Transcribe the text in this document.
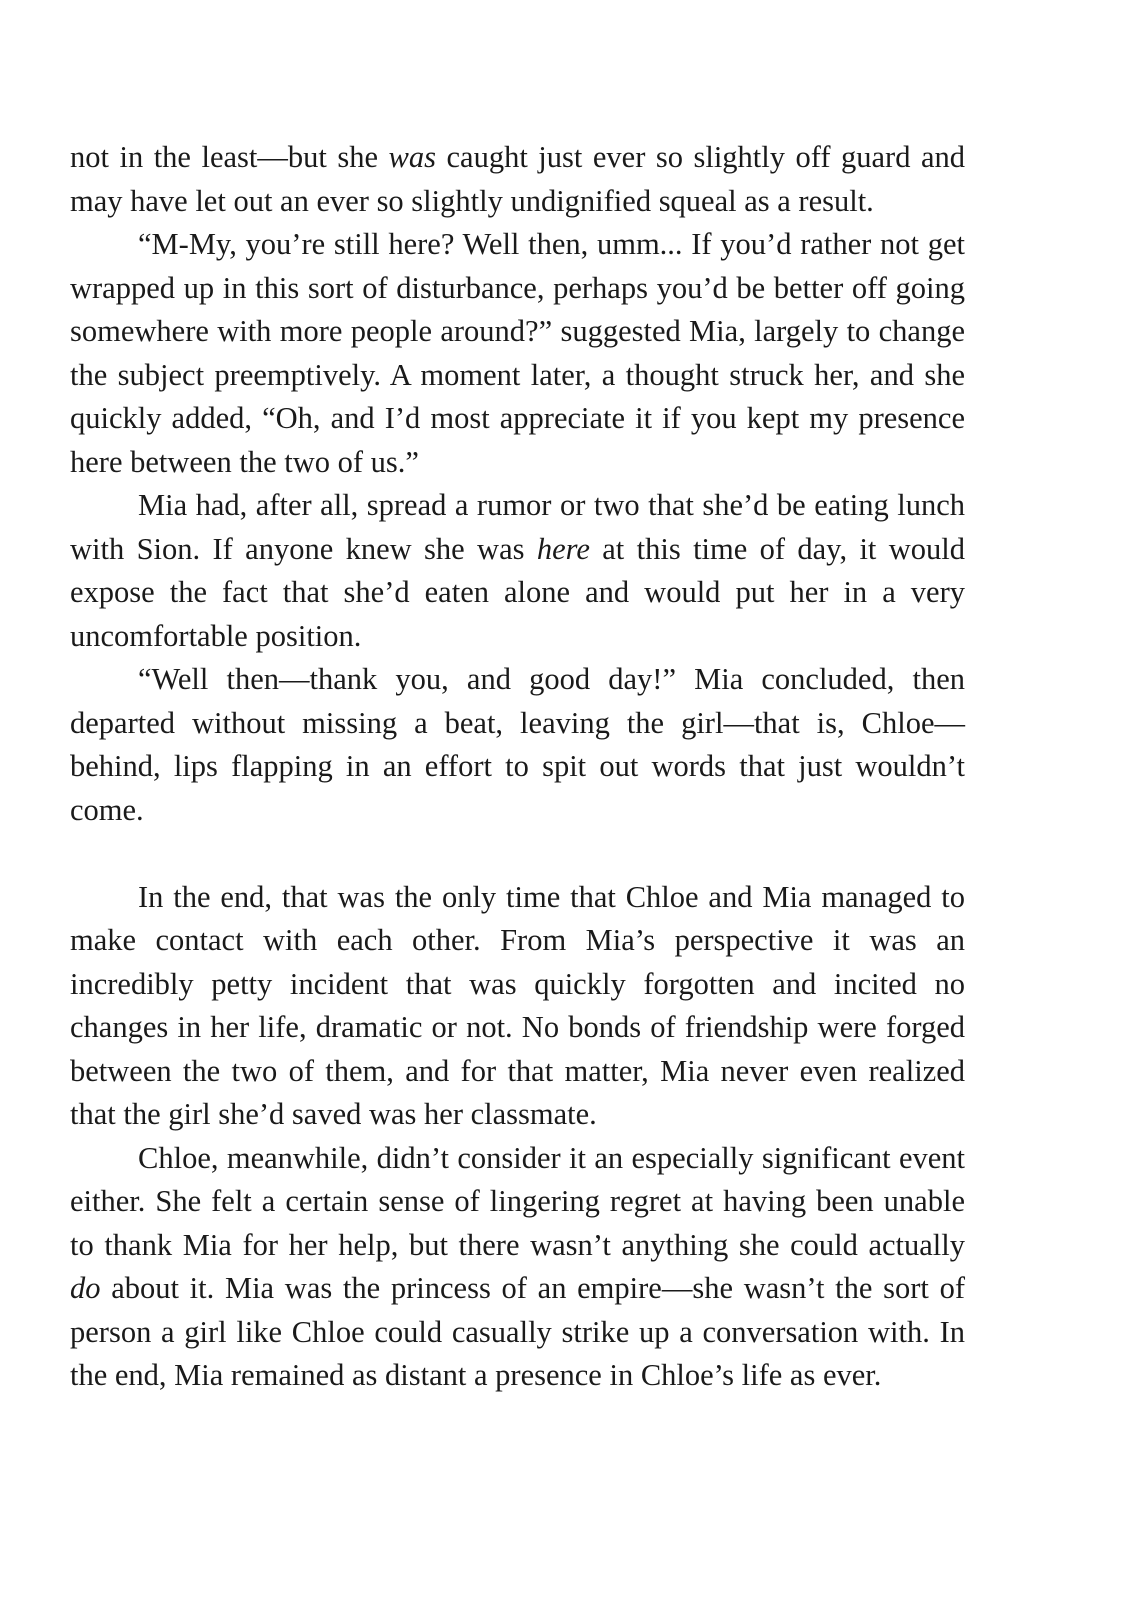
not in the least—but she was caught just ever so slightly off guard and may have let out an ever so slightly undignified squeal as a result.

“M-My, you’re still here? Well then, umm... If you’d rather not get wrapped up in this sort of disturbance, perhaps you’d be better off going somewhere with more people around?” suggested Mia, largely to change the subject preemptively. A moment later, a thought struck her, and she quickly added, “Oh, and I’d most appreciate it if you kept my presence here between the two of us.”

Mia had, after all, spread a rumor or two that she’d be eating lunch with Sion. If anyone knew she was here at this time of day, it would expose the fact that she’d eaten alone and would put her in a very uncomfortable position.

“Well then—thank you, and good day!” Mia concluded, then departed without missing a beat, leaving the girl—that is, Chloe—behind, lips flapping in an effort to spit out words that just wouldn’t come.

In the end, that was the only time that Chloe and Mia managed to make contact with each other. From Mia’s perspective it was an incredibly petty incident that was quickly forgotten and incited no changes in her life, dramatic or not. No bonds of friendship were forged between the two of them, and for that matter, Mia never even realized that the girl she’d saved was her classmate.

Chloe, meanwhile, didn’t consider it an especially significant event either. She felt a certain sense of lingering regret at having been unable to thank Mia for her help, but there wasn’t anything she could actually do about it. Mia was the princess of an empire—she wasn’t the sort of person a girl like Chloe could casually strike up a conversation with. In the end, Mia remained as distant a presence in Chloe’s life as ever.
